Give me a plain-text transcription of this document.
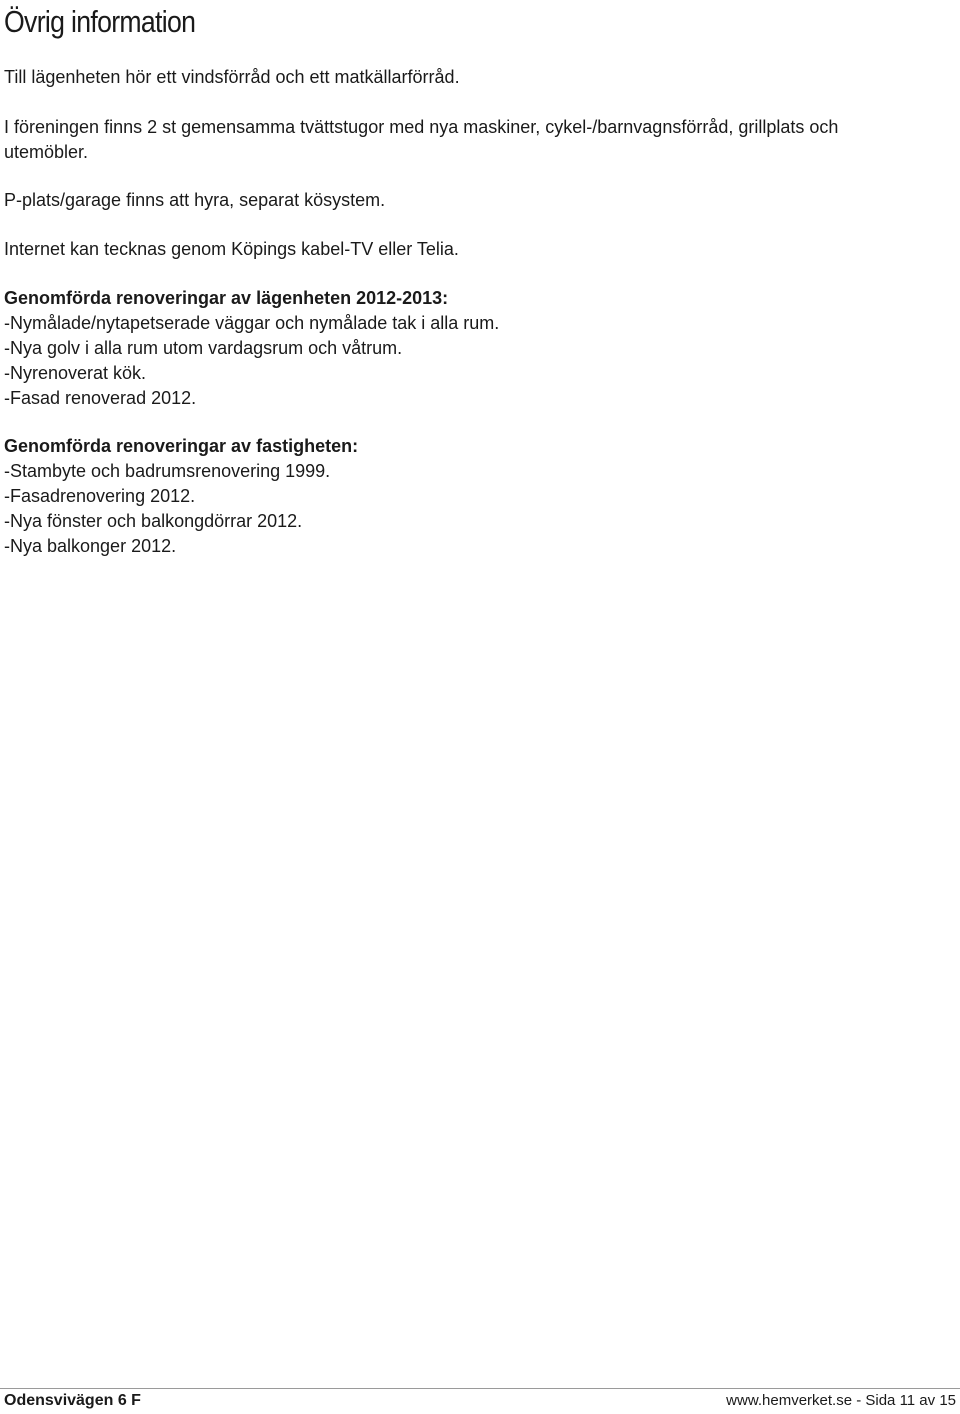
Övrig information

Till lägenheten hör ett vindsförråd och ett matkällarförråd.

I föreningen finns 2 st gemensamma tvättstugor med nya maskiner, cykel-/barnvagnsförråd, grillplats och utemöbler.

P-plats/garage finns att hyra, separat kösystem.

Internet kan tecknas genom Köpings kabel-TV eller Telia.

Genomförda renoveringar av lägenheten 2012-2013:
-Nymålade/nytapetserade väggar och nymålade tak i alla rum.
-Nya golv i alla rum utom vardagsrum och våtrum.
-Nyrenoverat kök.
-Fasad renoverad 2012.
Genomförda renoveringar av fastigheten:
-Stambyte och badrumsrenovering 1999.
-Fasadrenovering 2012.
-Nya fönster och balkongdörrar 2012.
-Nya balkonger 2012.
Odensvivägen 6 F	www.hemverket.se - Sida 11 av 15
